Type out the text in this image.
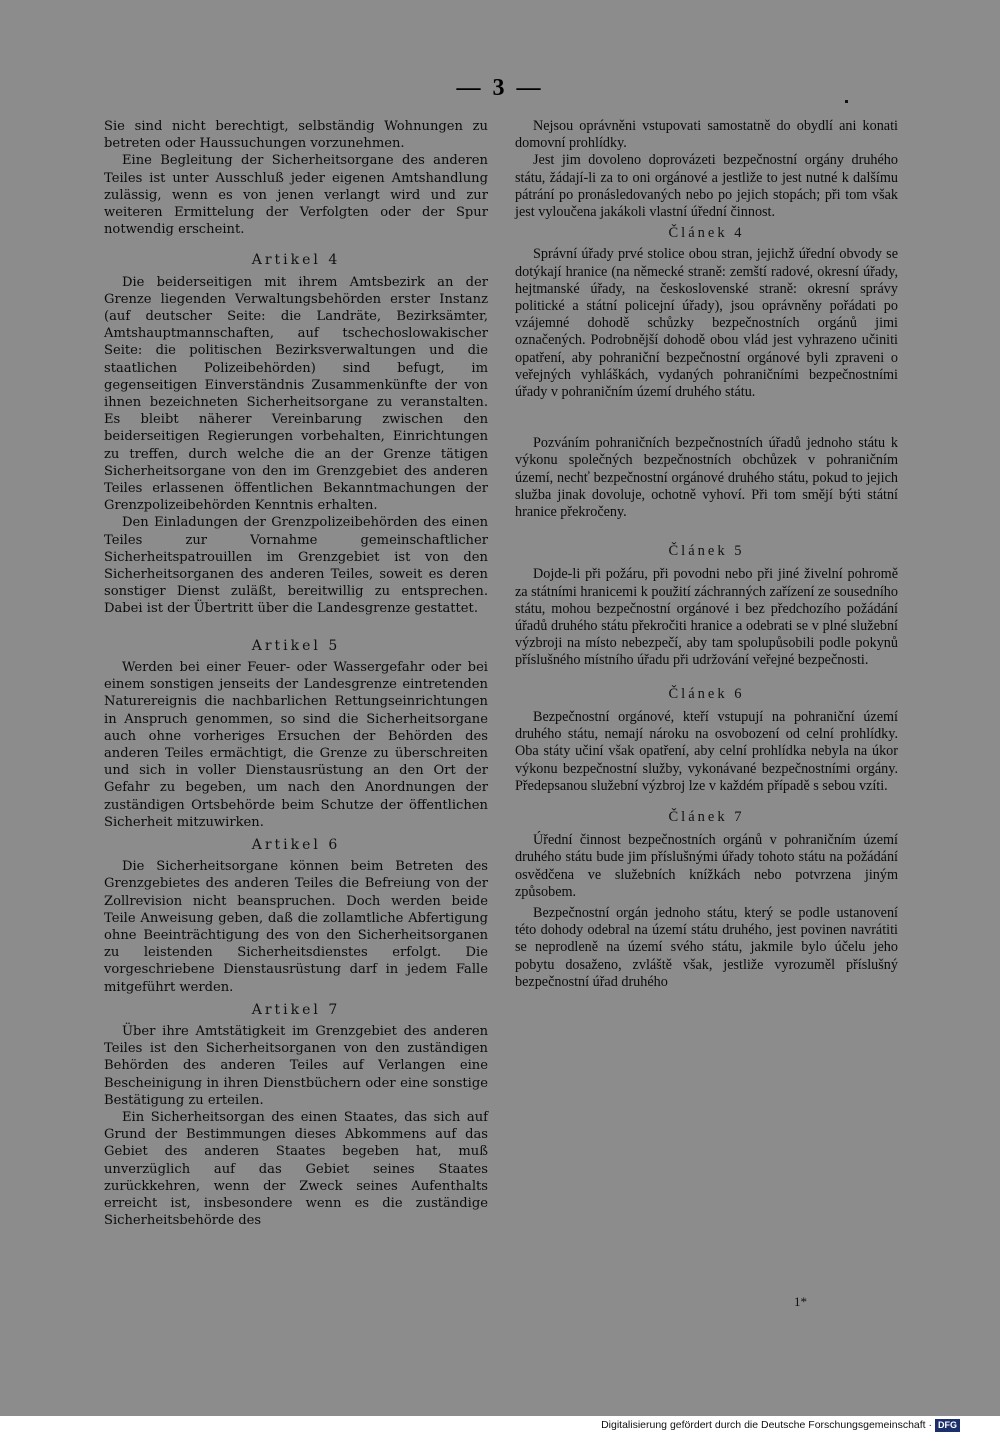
— 3 —

Sie sind nicht berechtigt, selbständig Wohnungen zu betreten oder Haussuchungen vorzunehmen.

Eine Begleitung der Sicherheitsorgane des anderen Teiles ist unter Ausschluß jeder eigenen Amtshandlung zulässig, wenn es von jenen verlangt wird und zur weiteren Ermittelung der Verfolgten oder der Spur notwendig erscheint.

Artikel 4

Die beiderseitigen mit ihrem Amtsbezirk an der Grenze liegenden Verwaltungsbehörden erster Instanz (auf deutscher Seite: die Landräte, Bezirksämter, Amtshauptmannschaften, auf tschechoslowakischer Seite: die politischen Bezirksverwaltungen und die staatlichen Polizeibehörden) sind befugt, im gegenseitigen Einverständnis Zusammenkünfte der von ihnen bezeichneten Sicherheitsorgane zu veranstalten. Es bleibt näherer Vereinbarung zwischen den beiderseitigen Regierungen vorbehalten, Einrichtungen zu treffen, durch welche die an der Grenze tätigen Sicherheitsorgane von den im Grenzgebiet des anderen Teiles erlassenen öffentlichen Bekanntmachungen der Grenzpolizeibehörden Kenntnis erhalten.

Den Einladungen der Grenzpolizeibehörden des einen Teiles zur Vornahme gemeinschaftlicher Sicherheitspatrouillen im Grenzgebiet ist von den Sicherheitsorganen des anderen Teiles, soweit es deren sonstiger Dienst zuläßt, bereitwillig zu entsprechen. Dabei ist der Übertritt über die Landesgrenze gestattet.

Artikel 5

Werden bei einer Feuer- oder Wassergefahr oder bei einem sonstigen jenseits der Landesgrenze eintretenden Naturereignis die nachbarlichen Rettungseinrichtungen in Anspruch genommen, so sind die Sicherheitsorgane auch ohne vorheriges Ersuchen der Behörden des anderen Teiles ermächtigt, die Grenze zu überschreiten und sich in voller Dienstausrüstung an den Ort der Gefahr zu begeben, um nach den Anordnungen der zuständigen Ortsbehörde beim Schutze der öffentlichen Sicherheit mitzuwirken.

Artikel 6

Die Sicherheitsorgane können beim Betreten des Grenzgebietes des anderen Teiles die Befreiung von der Zollrevision nicht beanspruchen. Doch werden beide Teile Anweisung geben, daß die zollamtliche Abfertigung ohne Beeinträchtigung des von den Sicherheitsorganen zu leistenden Sicherheitsdienstes erfolgt. Die vorgeschriebene Dienstausrüstung darf in jedem Falle mitgeführt werden.

Artikel 7

Über ihre Amtstätigkeit im Grenzgebiet des anderen Teiles ist den Sicherheitsorganen von den zuständigen Behörden des anderen Teiles auf Verlangen eine Bescheinigung in ihren Dienstbüchern oder eine sonstige Bestätigung zu erteilen.

Ein Sicherheitsorgan des einen Staates, das sich auf Grund der Bestimmungen dieses Abkommens auf das Gebiet des anderen Staates begeben hat, muß unverzüglich auf das Gebiet seines Staates zurückkehren, wenn der Zweck seines Aufenthalts erreicht ist, insbesondere wenn es die zuständige Sicherheitsbehörde des

Nejsou oprávněni vstupovati samostatně do obydlí ani konati domovní prohlídky.

Jest jim dovoleno doprovázeti bezpečnostní orgány druhého státu, žádají-li za to oni orgánové a jestliže to jest nutné k dalšímu pátrání po pronásledovaných nebo po jejich stopách; při tom však jest vyloučena jakákoli vlastní úřední činnost.

Článek 4

Správní úřady prvé stolice obou stran, jejichž úřední obvody se dotýkají hranice (na německé straně: zemští radové, okresní úřady, hejtmanské úřady, na československé straně: okresní správy politické a státní policejní úřady), jsou oprávněny pořádati po vzájemné dohodě schůzky bezpečnostních orgánů jimi označených. Podrobnější dohodě obou vlád jest vyhrazeno učiniti opatření, aby pohraniční bezpečnostní orgánové byli zpraveni o veřejných vyhláškách, vydaných pohraničními bezpečnostními úřady v pohraničním území druhého státu.

Pozváním pohraničních bezpečnostních úřadů jednoho státu k výkonu společných bezpečnostních obchůzek v pohraničním území, nechť bezpečnostní orgánové druhého státu, pokud to jejich služba jinak dovoluje, ochotně vyhoví. Při tom smějí býti státní hranice překročeny.

Článek 5

Dojde-li při požáru, při povodni nebo při jiné živelní pohromě za státními hranicemi k použití záchranných zařízení ze sousedního státu, mohou bezpečnostní orgánové i bez předchozího požádání úřadů druhého státu překročiti hranice a odebrati se v plné služební výzbroji na místo nebezpečí, aby tam spolupůsobili podle pokynů příslušného místního úřadu při udržování veřejné bezpečnosti.

Článek 6

Bezpečnostní orgánové, kteří vstupují na pohraniční území druhého státu, nemají nároku na osvobození od celní prohlídky. Oba státy učiní však opatření, aby celní prohlídka nebyla na úkor výkonu bezpečnostní služby, vykonávané bezpečnostními orgány. Předepsanou služební výzbroj lze v každém případě s sebou vzíti.

Článek 7

Úřední činnost bezpečnostních orgánů v pohraničním území druhého státu bude jim příslušnými úřady tohoto státu na požádání osvědčena ve služebních knížkách nebo potvrzena jiným způsobem.

Bezpečnostní orgán jednoho státu, který se podle ustanovení této dohody odebral na území státu druhého, jest povinen navrátiti se neprodleně na území svého státu, jakmile bylo účelu jeho pobytu dosaženo, zvláště však, jestliže vyrozuměl příslušný bezpečnostní úřad druhého

1*
Digitalisierung gefördert durch die Deutsche Forschungsgemeinschaft · DFG
